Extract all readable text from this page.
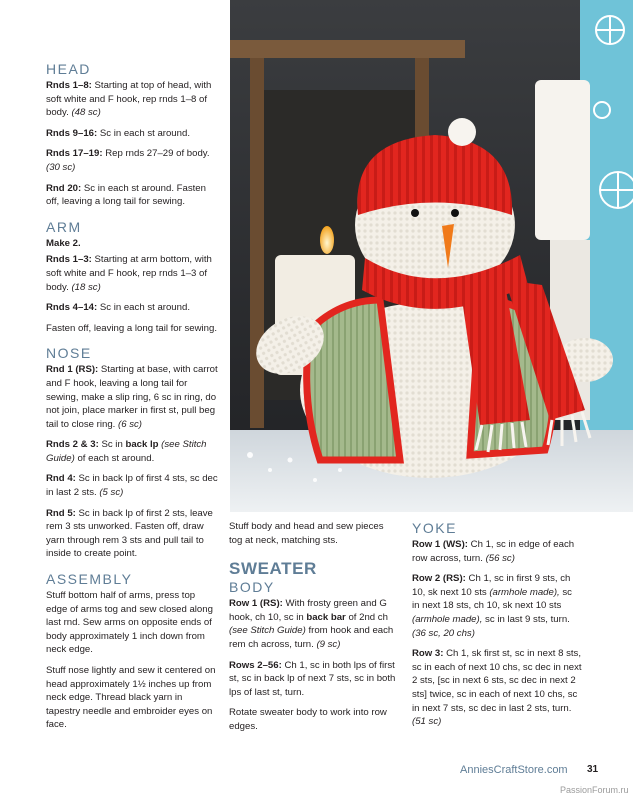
HEAD

Rnds 1–8: Starting at top of head, with soft white and F hook, rep rnds 1–8 of body. (48 sc)

Rnds 9–16: Sc in each st around.

Rnds 17–19: Rep rnds 27–29 of body. (30 sc)

Rnd 20: Sc in each st around. Fasten off, leaving a long tail for sewing.

ARM

Make 2.

Rnds 1–3: Starting at arm bottom, with soft white and F hook, rep rnds 1–3 of body. (18 sc)

Rnds 4–14: Sc in each st around.

Fasten off, leaving a long tail for sewing.

NOSE

Rnd 1 (RS): Starting at base, with carrot and F hook, leaving a long tail for sewing, make a slip ring, 6 sc in ring, do not join, place marker in first st, pull beg tail to close ring. (6 sc)

Rnds 2 & 3: Sc in back lp (see Stitch Guide) of each st around.

Rnd 4: Sc in back lp of first 4 sts, sc dec in last 2 sts. (5 sc)

Rnd 5: Sc in back lp of first 2 sts, leave rem 3 sts unworked. Fasten off, draw yarn through rem 3 sts and pull tail to inside to create point.

ASSEMBLY

Stuff bottom half of arms, press top edge of arms tog and sew closed along last rnd. Sew arms on opposite ends of body approximately 1 inch down from neck edge.

Stuff nose lightly and sew it centered on head approximately 1½ inches up from neck edge. Thread black yarn in tapestry needle and embroider eyes on face.

Stuff body and head and sew pieces tog at neck, matching sts.

SWEATER
BODY

Row 1 (RS): With frosty green and G hook, ch 10, sc in back bar of 2nd ch (see Stitch Guide) from hook and each rem ch across, turn. (9 sc)

Rows 2–56: Ch 1, sc in both lps of first st, sc in back lp of next 7 sts, sc in both lps of last st, turn.

Rotate sweater body to work into row edges.

YOKE

Row 1 (WS): Ch 1, sc in edge of each row across, turn. (56 sc)

Row 2 (RS): Ch 1, sc in first 9 sts, ch 10, sk next 10 sts (armhole made), sc in next 18 sts, ch 10, sk next 10 sts (armhole made), sc in last 9 sts, turn. (36 sc, 20 chs)

Row 3: Ch 1, sk first st, sc in next 8 sts, sc in each of next 10 chs, sc dec in next 2 sts, [sc in next 6 sts, sc dec in next 2 sts] twice, sc in each of next 10 chs, sc in next 7 sts, sc dec in last 2 sts, turn. (51 sc)

AnniesCraftStore.com 31
PassionForum.ru
